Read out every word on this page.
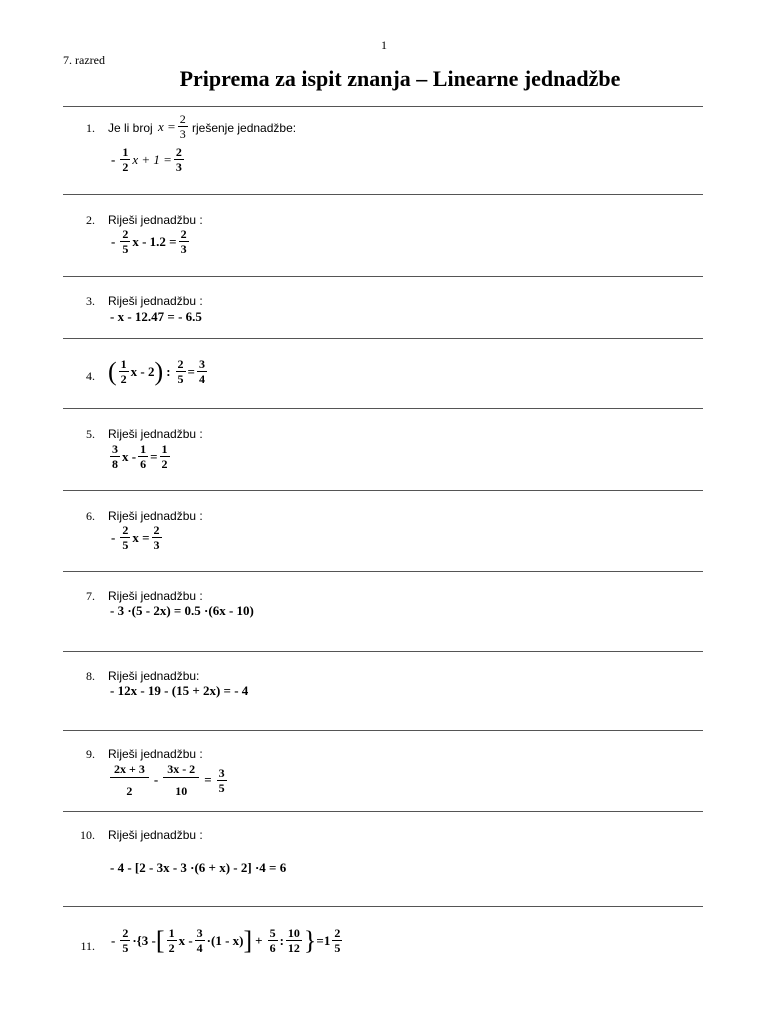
1
7. razred
Priprema za ispit znanja – Linearne jednadžbe
1. Je li broj $x = \frac{2}{3}$ rješenje jednadžbe:
- $\frac{1}{2}$ $x + 1 = \frac{2}{3}$
2. Riješi jednadžbu :
- $\frac{2}{5}$ $x - 1.2 = \frac{2}{3}$
3. Riješi jednadžbu :
- x - 12.47 = - 6.5
4. ( $\frac{1}{2}$ x - 2 ) : $\frac{2}{5} = \frac{3}{4}$
5. Riješi jednadžbu :
$\frac{3}{8}$ $x - \frac{1}{6} = \frac{1}{2}$
6. Riješi jednadžbu :
- $\frac{2}{5}$ $x = \frac{2}{3}$
7. Riješi jednadžbu :
- 3 ·(5 - 2x) = 0.5 ·(6x - 10)
8. Riješi jednadžbu:
- 12x - 19 - (15 + 2x) = - 4
9. Riješi jednadžbu :
$\frac{2x + 3}{2} - \frac{3x - 2}{10} = \frac{3}{5}$
10. Riješi jednadžbu :
- 4 - [2 - 3x - 3 ·(6 + x) - 2] ·4 = 6
11. - $\frac{2}{5} \cdot\{3$ - [ $\frac{1}{2}$ $x - \frac{3}{4} \cdot(1 - x)$ ] + $\frac{5}{6}$ : $\frac{10}{12}$ } $=1 \frac{2}{5}$
